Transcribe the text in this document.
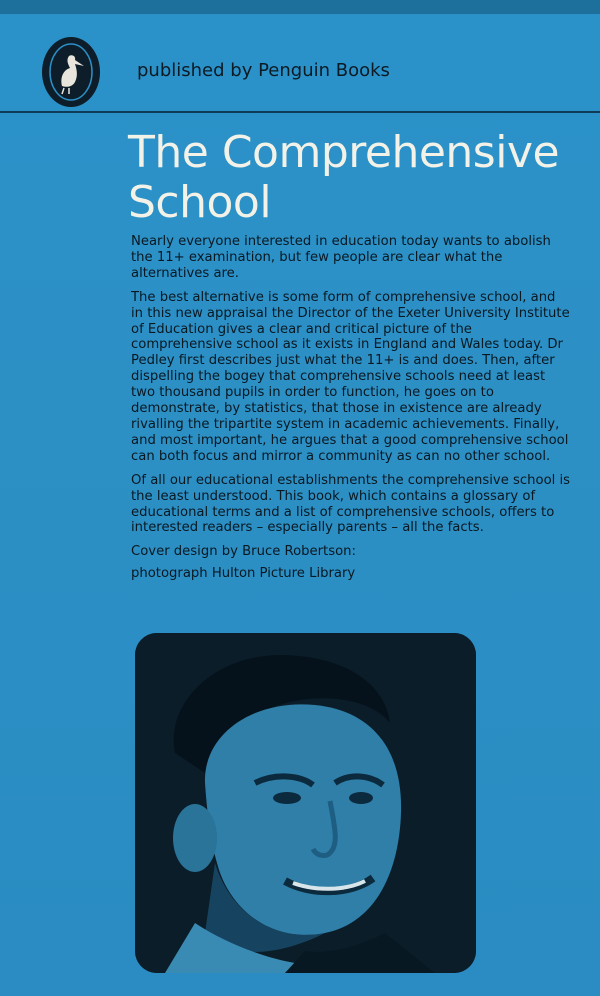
published by Penguin Books
The Comprehensive
School

Nearly everyone interested in education today wants to abolish the 11+ examination, but few people are clear what the alternatives are.

The best alternative is some form of comprehensive school, and in this new appraisal the Director of the Exeter University Institute of Education gives a clear and critical picture of the comprehensive school as it exists in England and Wales today. Dr Pedley first describes just what the 11+ is and does. Then, after dispelling the bogey that comprehensive schools need at least two thousand pupils in order to function, he goes on to demonstrate, by statistics, that those in existence are already rivalling the tripartite system in academic achievements. Finally, and most important, he argues that a good comprehensive school can both focus and mirror a community as can no other school.

Of all our educational establishments the comprehensive school is the least understood. This book, which contains a glossary of educational terms and a list of comprehensive schools, offers to interested readers – especially parents – all the facts.

Cover design by Bruce Robertson:
photograph Hulton Picture Library
